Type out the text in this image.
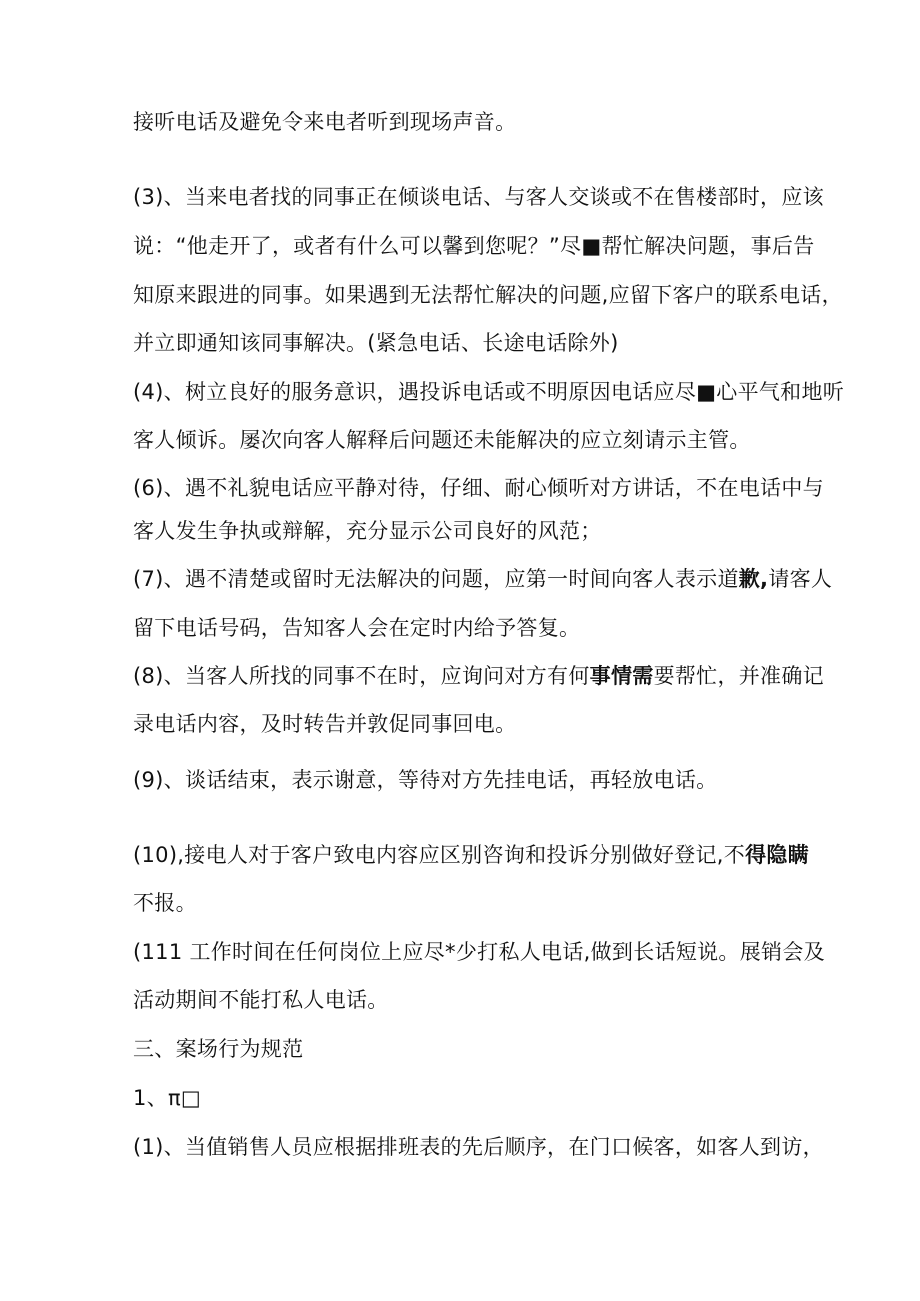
接听电话及避免令来电者听到现场声音。
(3)、当来电者找的同事正在倾谈电话、与客人交谈或不在售楼部时，应该
说：“他走开了，或者有什么可以馨到您呢？”尽■帮忙解决问题，事后告
知原来跟进的同事。如果遇到无法帮忙解决的问题,应留下客户的联系电话，
并立即通知该同事解决。(紧急电话、长途电话除外)
(4)、树立良好的服务意识，遇投诉电话或不明原因电话应尽■心平气和地听
客人倾诉。屡次向客人解释后问题还未能解决的应立刻请示主管。
(6)、遇不礼貌电话应平静对待，仔细、耐心倾听对方讲话，不在电话中与
客人发生争执或辩解，充分显示公司良好的风范；
(7)、遇不清楚或留时无法解决的问题，应第一时间向客人表示道歉,请客人
留下电话号码，告知客人会在定时内给予答复。
(8)、当客人所找的同事不在时，应询问对方有何事情需要帮忙，并准确记
录电话内容，及时转告并敦促同事回电。
(9)、谈话结束，表示谢意，等待对方先挂电话，再轻放电话。
(10),接电人对于客户致电内容应区别咨询和投诉分别做好登记,不得隐瞒
不报。
(111 工作时间在任何岗位上应尽*少打私人电话,做到长话短说。展销会及
活动期间不能打私人电话。
三、案场行为规范
1、π□
(1)、当值销售人员应根据排班表的先后顺序，在门口候客，如客人到访，
